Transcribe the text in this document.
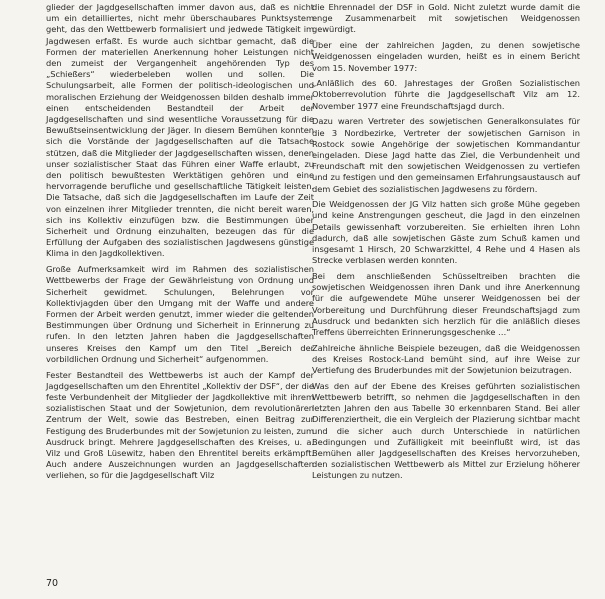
glieder der Jagdgesellschaften immer davon aus, daß es nicht um ein detailliertes, nicht mehr überschaubares Punktsystem geht, das den Wettbewerb formalisiert und jedwede Tätigkeit im Jagdwesen erfaßt. Es wurde auch sichtbar gemacht, daß die Formen der materiellen Anerkennung hoher Leistungen nicht den zumeist der Vergangenheit angehörenden Typ des „Schießers“ wiederbeleben wollen und sollen. Die Schulungsarbeit, alle Formen der politisch-ideologischen und moralischen Erziehung der Weidgenossen bilden deshalb immer einen entscheidenden Bestandteil der Arbeit der Jagdgesellschaften und sind wesentliche Voraussetzung für die Bewußtseinsentwicklung der Jäger. In diesem Bemühen konnten sich die Vorstände der Jagdgesellschaften auf die Tatsache stützen, daß die Mitglieder der Jagdgesellschaften wissen, denen unser sozialistischer Staat das Führen einer Waffe erlaubt, zu den politisch bewußtesten Werktätigen gehören und eine hervorragende berufliche und gesellschaftliche Tätigkeit leisten. Die Tatsache, daß sich die Jagdgesellschaften im Laufe der Zeit von einzelnen ihrer Mitglieder trennten, die nicht bereit waren, sich ins Kollektiv einzufügen bzw. die Bestimmungen über Sicherheit und Ordnung einzuhalten, bezeugen das für die Erfüllung der Aufgaben des sozialistischen Jagdwesens günstige Klima in den Jagdkollektiven.

Große Aufmerksamkeit wird im Rahmen des sozialistischen Wettbewerbs der Frage der Gewährleistung von Ordnung und Sicherheit gewidmet. Schulungen, Belehrungen vor Kollektivjagden über den Umgang mit der Waffe und andere Formen der Arbeit werden genutzt, immer wieder die geltenden Bestimmungen über Ordnung und Sicherheit in Erinnerung zu rufen. In den letzten Jahren haben die Jagdgesellschaften unseres Kreises den Kampf um den Titel „Bereich der vorbildlichen Ordnung und Sicherheit“ aufgenommen.

Fester Bestandteil des Wettbewerbs ist auch der Kampf der Jagdgesellschaften um den Ehrentitel „Kollektiv der DSF“, der die feste Verbundenheit der Mitglieder der Jagdkollektive mit ihrem sozialistischen Staat und der Sowjetunion, dem revolutionären Zentrum der Welt, sowie das Bestreben, einen Beitrag zur Festigung des Bruderbundes mit der Sowjetunion zu leisten, zum Ausdruck bringt. Mehrere Jagdgesellschaften des Kreises, u. a. Vilz und Groß Lüsewitz, haben den Ehrentitel bereits erkämpft. Auch andere Auszeichnungen wurden an Jagdgesellschaften verliehen, so für die Jagdgesellschaft Vilz

die Ehrennadel der DSF in Gold. Nicht zuletzt wurde damit die enge Zusammenarbeit mit sowjetischen Weidgenossen gewürdigt.

Über eine der zahlreichen Jagden, zu denen sowjetische Weidgenossen eingeladen wurden, heißt es in einem Bericht vom 15. November 1977:

„Anläßlich des 60. Jahrestages der Großen Sozialistischen Oktoberrevolution führte die Jagdgesellschaft Vilz am 12. November 1977 eine Freundschaftsjagd durch.

Dazu waren Vertreter des sowjetischen Generalkonsulates für die 3 Nordbezirke, Vertreter der sowjetischen Garnison in Rostock sowie Angehörige der sowjetischen Kommandantur eingeladen. Diese Jagd hatte das Ziel, die Verbundenheit und Freundschaft mit den sowjetischen Weidgenossen zu vertiefen und zu festigen und den gemeinsamen Erfahrungsaustausch auf dem Gebiet des sozialistischen Jagdwesens zu fördern.

Die Weidgenossen der JG Vilz hatten sich große Mühe gegeben und keine Anstrengungen gescheut, die Jagd in den einzelnen Details gewissenhaft vorzubereiten. Sie erhielten ihren Lohn dadurch, daß alle sowjetischen Gäste zum Schuß kamen und insgesamt 1 Hirsch, 20 Schwarzkittel, 4 Rehe und 4 Hasen als Strecke verblasen werden konnten.

Bei dem anschließenden Schüsseltreiben brachten die sowjetischen Weidgenossen ihren Dank und ihre Anerkennung für die aufgewendete Mühe unserer Weidgenossen bei der Vorbereitung und Durchführung dieser Freundschaftsjagd zum Ausdruck und bedankten sich herzlich für die anläßlich dieses Treffens überreichten Erinnerungsgeschenke …“

Zahlreiche ähnliche Beispiele bezeugen, daß die Weidgenossen des Kreises Rostock-Land bemüht sind, auf ihre Weise zur Vertiefung des Bruderbundes mit der Sowjetunion beizutragen.

Was den auf der Ebene des Kreises geführten sozialistischen Wettbewerb betrifft, so nehmen die Jagdgesellschaften in den letzten Jahren den aus Tabelle 30 erkennbaren Stand. Bei aller Differenziertheit, die ein Vergleich der Plazierung sichtbar macht und die sicher auch durch Unterschiede in natürlichen Bedingungen und Zufälligkeit mit beeinflußt wird, ist das Bemühen aller Jagdgesellschaften des Kreises hervorzuheben, den sozialistischen Wettbewerb als Mittel zur Erzielung höherer Leistungen zu nutzen.

70
